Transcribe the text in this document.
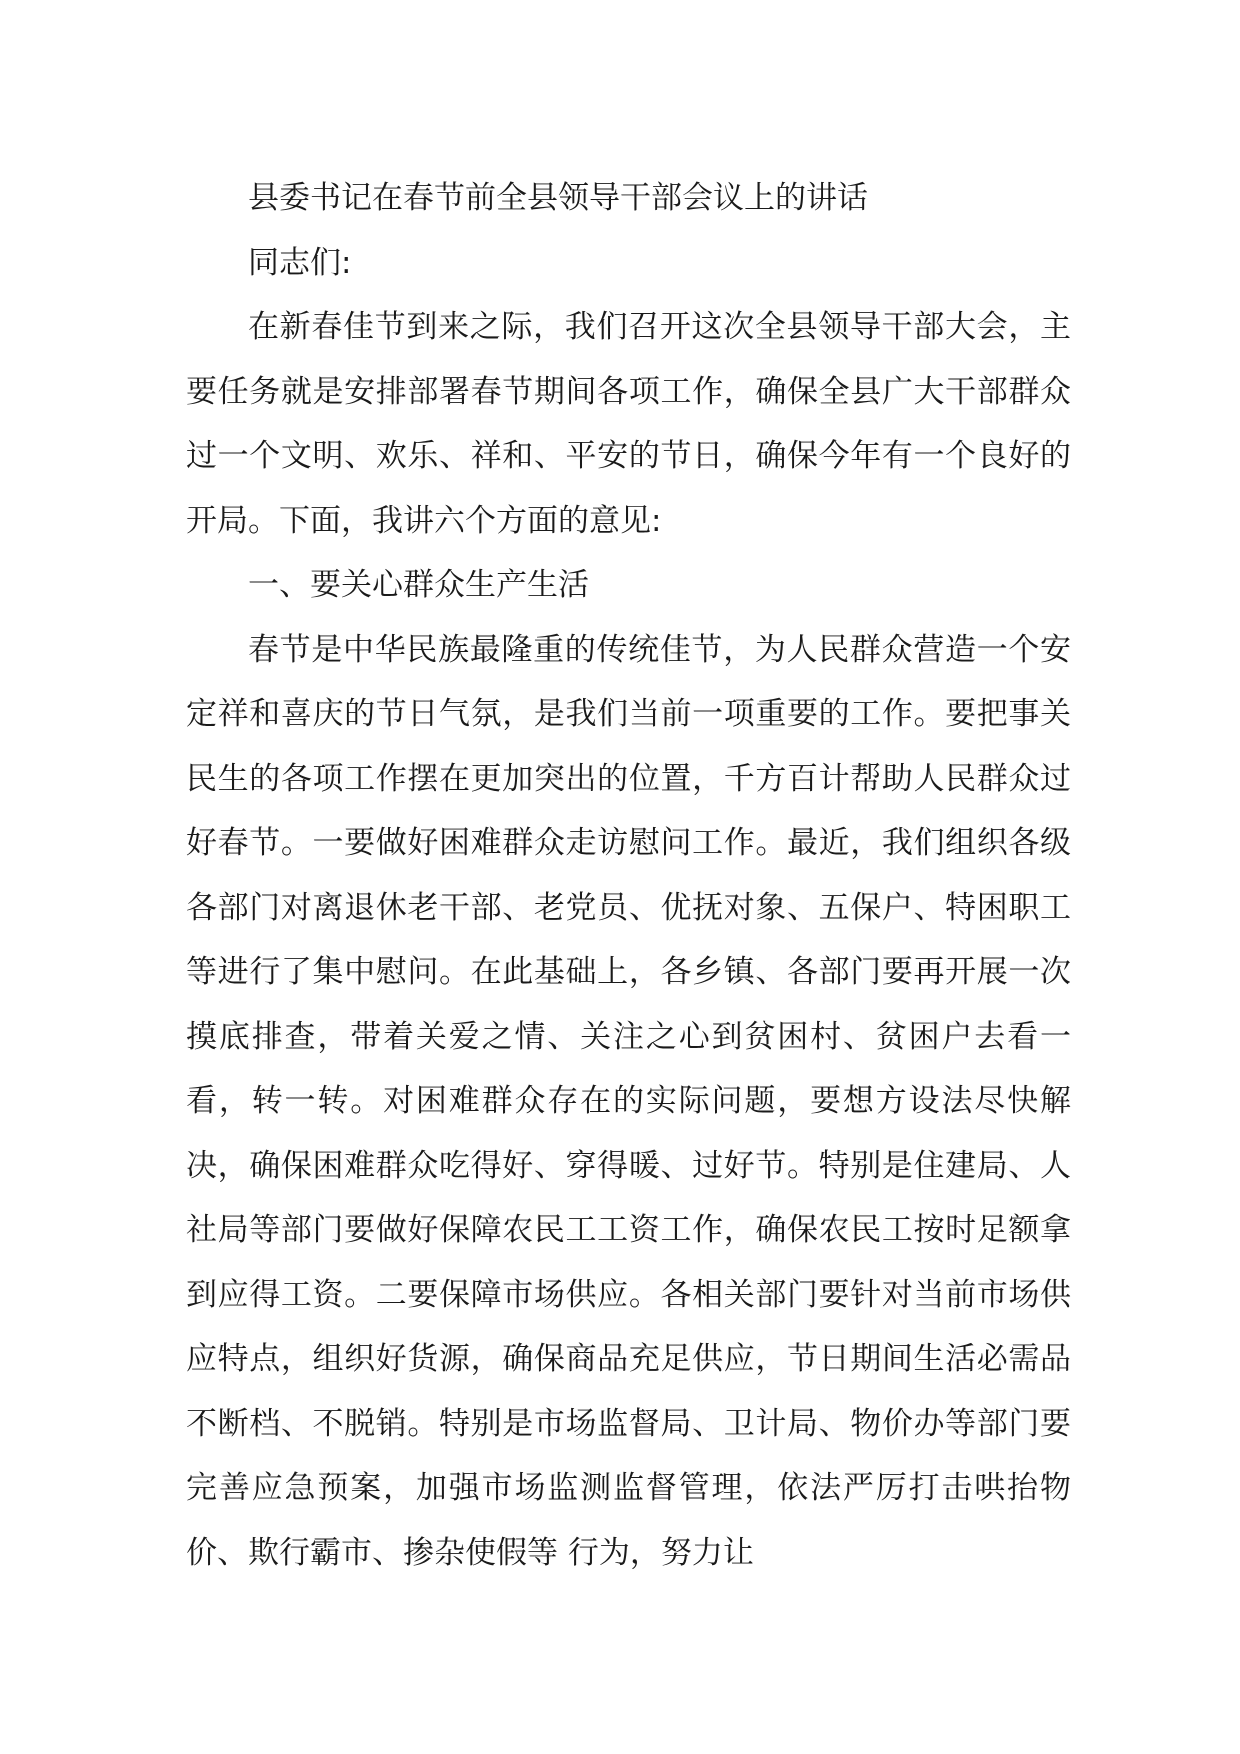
县委书记在春节前全县领导干部会议上的讲话

同志们:

在新春佳节到来之际，我们召开这次全县领导干部大会，主要任务就是安排部署春节期间各项工作，确保全县广大干部群众过一个文明、欢乐、祥和、平安的节日，确保今年有一个良好的开局。下面，我讲六个方面的意见:

一、要关心群众生产生活

春节是中华民族最隆重的传统佳节，为人民群众营造一个安定祥和喜庆的节日气氛，是我们当前一项重要的工作。要把事关民生的各项工作摆在更加突出的位置，千方百计帮助人民群众过好春节。一要做好困难群众走访慰问工作。最近，我们组织各级各部门对离退休老干部、老党员、优抚对象、五保户、特困职工等进行了集中慰问。在此基础上，各乡镇、各部门要再开展一次摸底排查，带着关爱之情、关注之心到贫困村、贫困户去看一看，转一转。对困难群众存在的实际问题，要想方设法尽快解决，确保困难群众吃得好、穿得暖、过好节。特别是住建局、人社局等部门要做好保障农民工工资工作，确保农民工按时足额拿到应得工资。二要保障市场供应。各相关部门要针对当前市场供应特点，组织好货源，确保商品充足供应，节日期间生活必需品不断档、不脱销。特别是市场监督局、卫计局、物价办等部门要完善应急预案，加强市场监测监督管理，依法严厉打击哄抬物价、欺行霸市、掺杂使假等 行为，努力让
